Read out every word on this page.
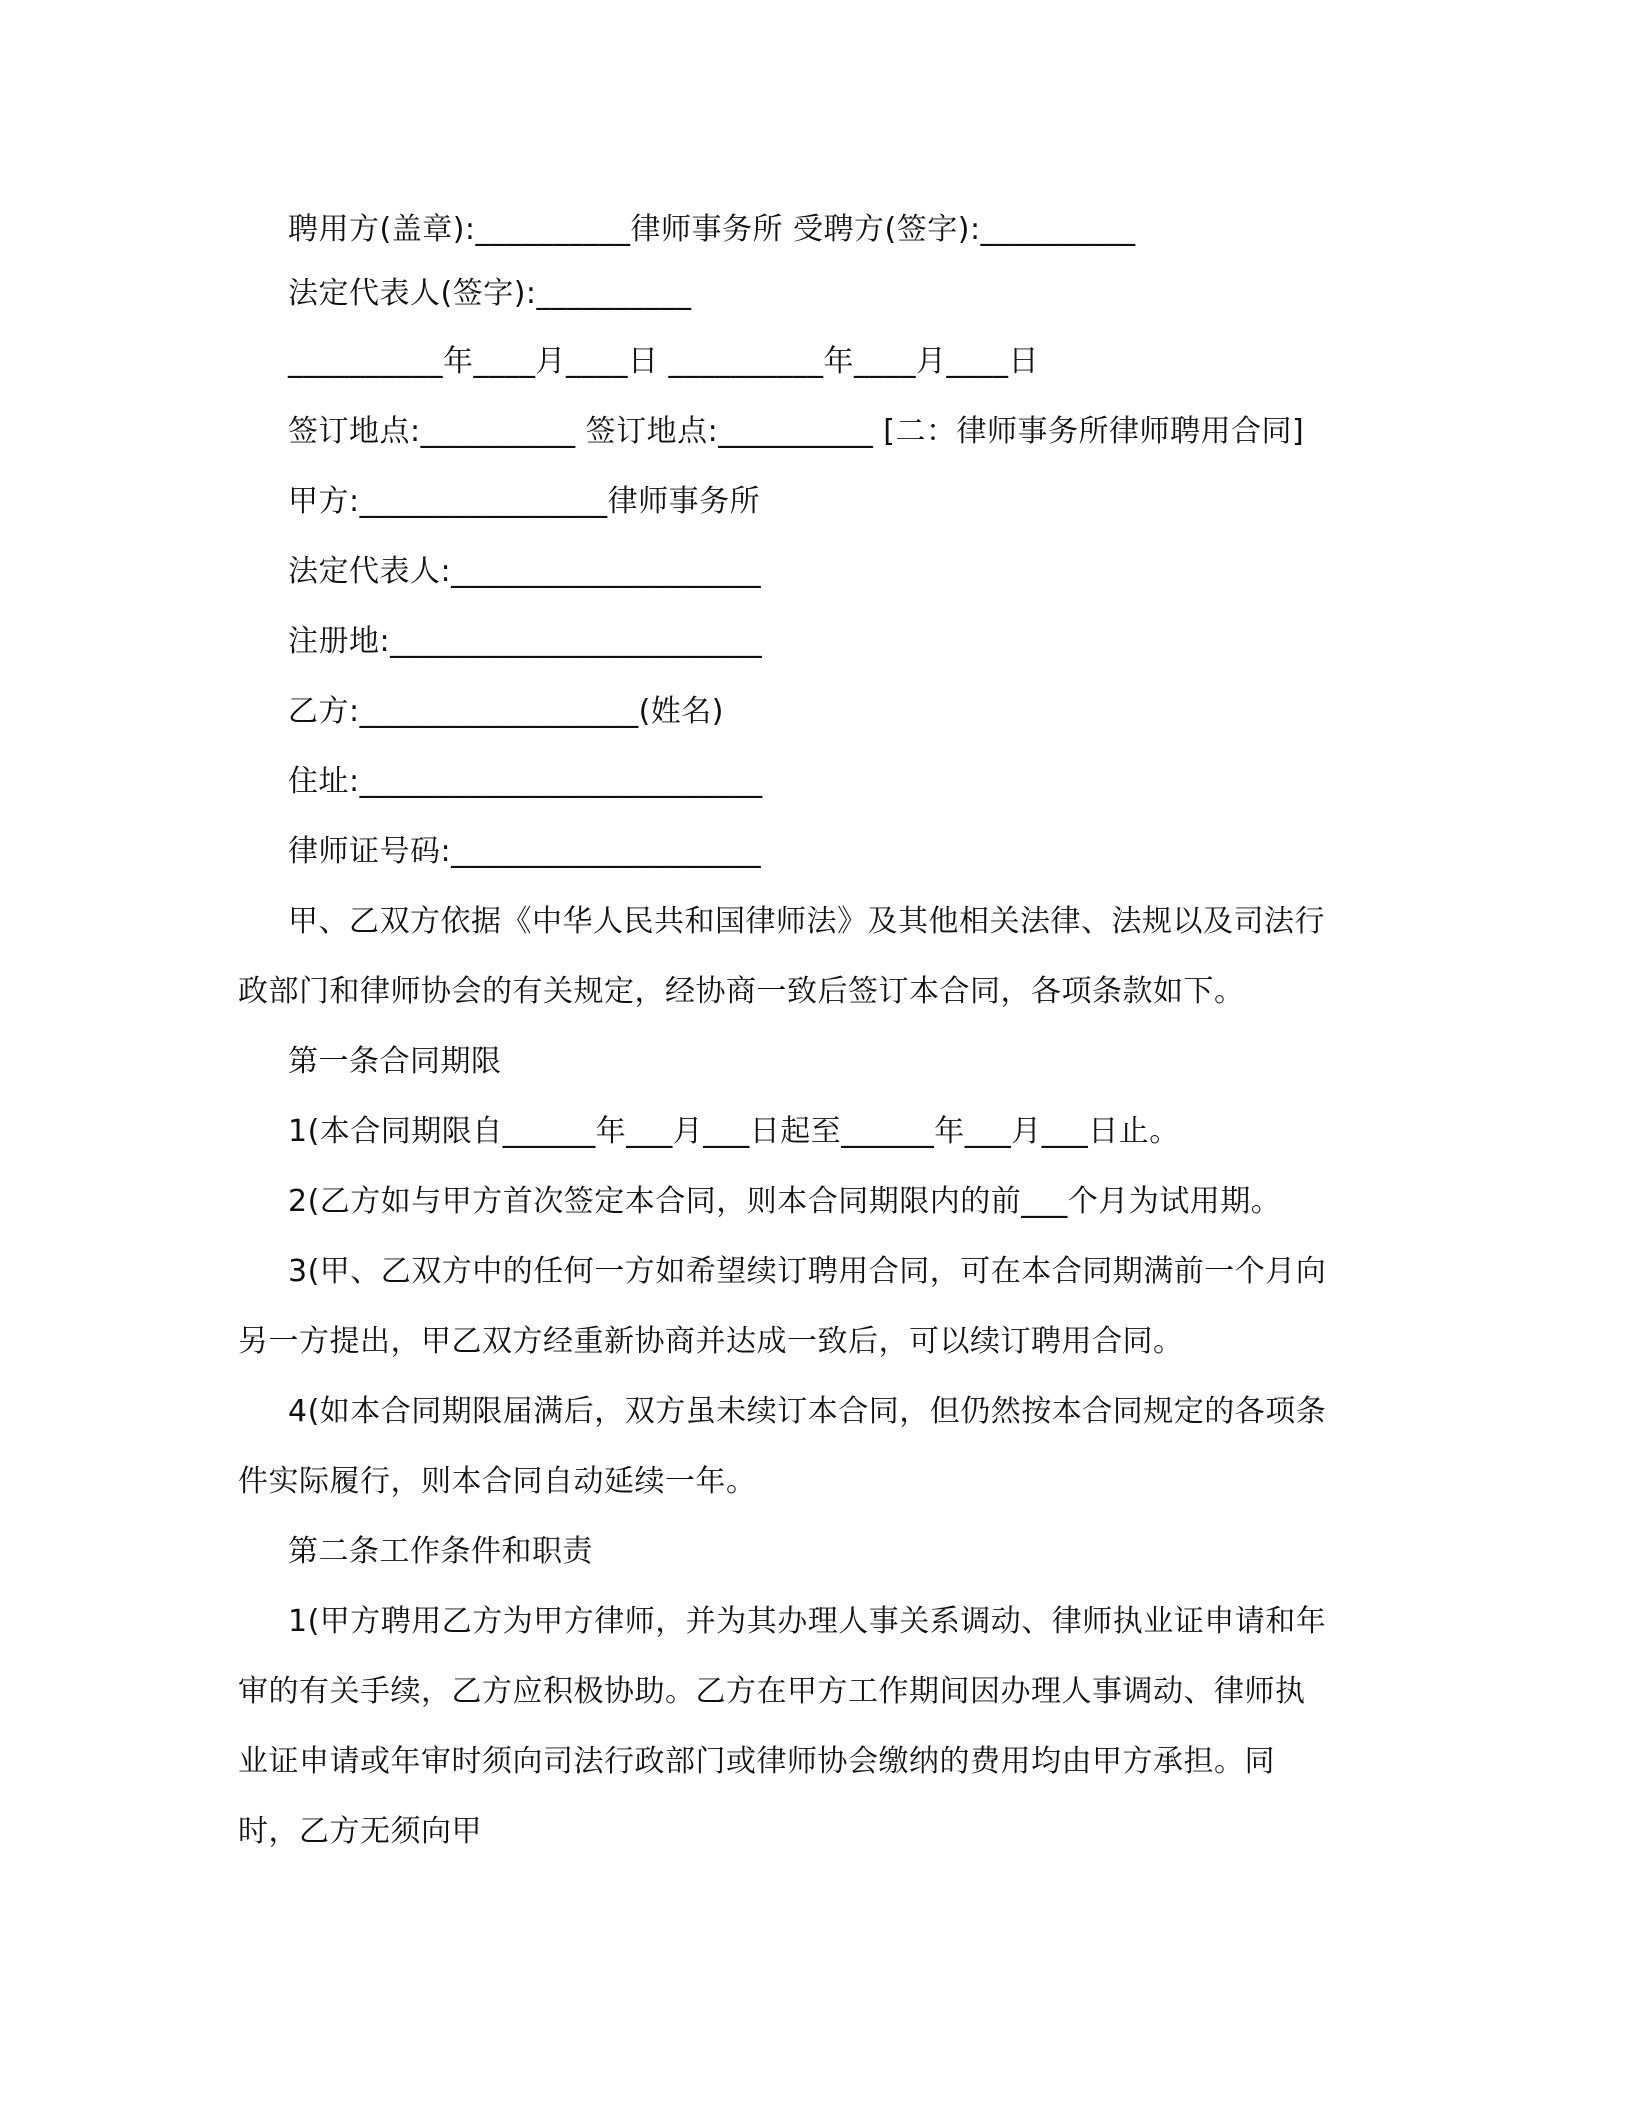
聘用方(盖章):__________律师事务所 受聘方(签字):__________
法定代表人(签字):__________
__________年____月____日 __________年____月____日
签订地点:__________ 签订地点:__________ [二：律师事务所律师聘用合同]
甲方:________________律师事务所
法定代表人:____________________
注册地:________________________
乙方:__________________(姓名)
住址:__________________________
律师证号码:____________________
甲、乙双方依据《中华人民共和国律师法》及其他相关法律、法规以及司法行
政部门和律师协会的有关规定，经协商一致后签订本合同，各项条款如下。
第一条合同期限
1(本合同期限自______年___月___日起至______年___月___日止。
2(乙方如与甲方首次签定本合同，则本合同期限内的前___个月为试用期。
3(甲、乙双方中的任何一方如希望续订聘用合同，可在本合同期满前一个月向
另一方提出，甲乙双方经重新协商并达成一致后，可以续订聘用合同。
4(如本合同期限届满后，双方虽未续订本合同，但仍然按本合同规定的各项条
件实际履行，则本合同自动延续一年。
第二条工作条件和职责
1(甲方聘用乙方为甲方律师，并为其办理人事关系调动、律师执业证申请和年
审的有关手续，乙方应积极协助。乙方在甲方工作期间因办理人事调动、律师执
业证申请或年审时须向司法行政部门或律师协会缴纳的费用均由甲方承担。同
时，乙方无须向甲
